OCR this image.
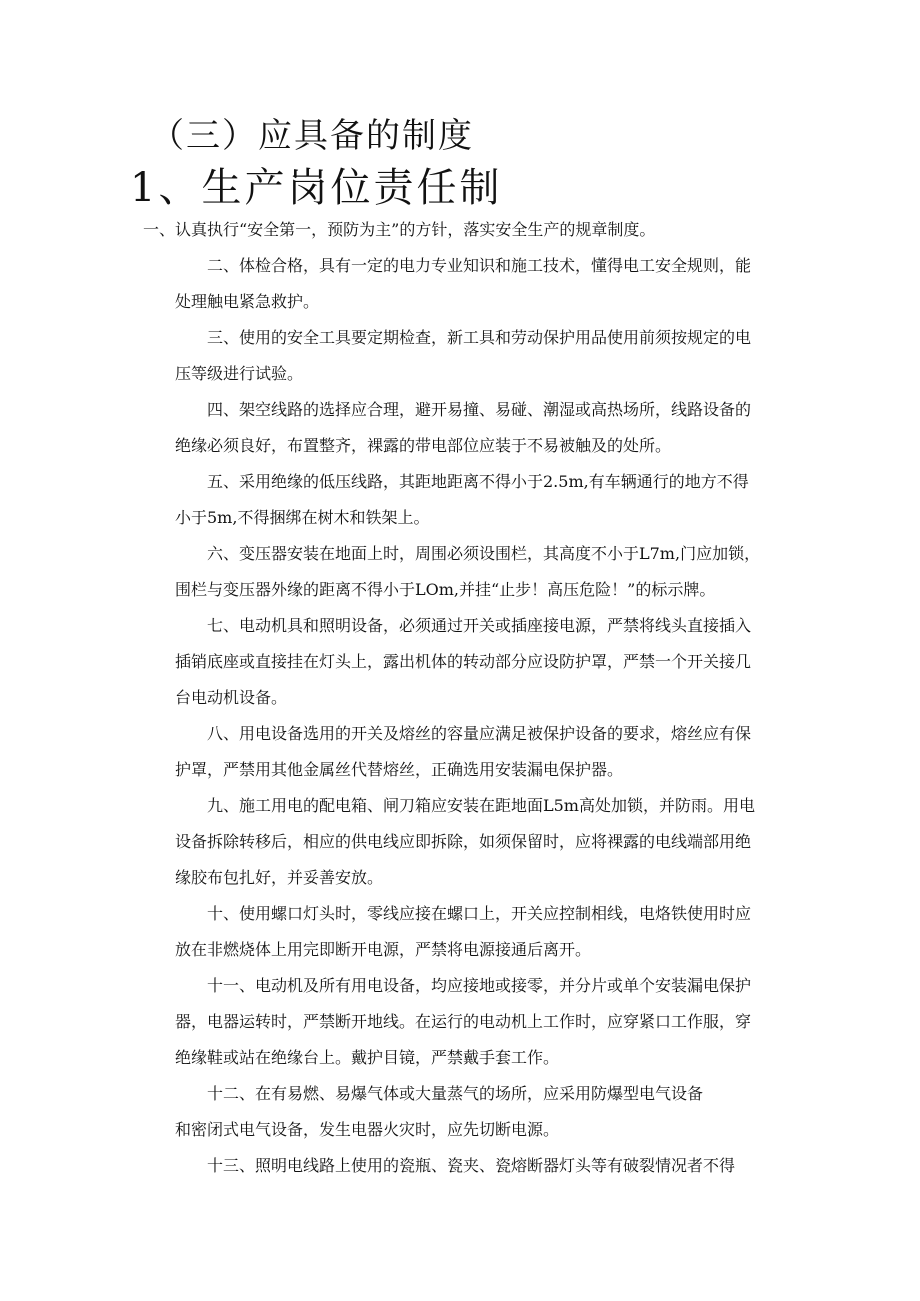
（三）应具备的制度
1、生产岗位责任制
一、认真执行“安全第一，预防为主”的方针，落实安全生产的规章制度。
二、体检合格，具有一定的电力专业知识和施工技术，懂得电工安全规则，能
处理触电紧急救护。
三、使用的安全工具要定期检查，新工具和劳动保护用品使用前须按规定的电
压等级进行试验。
四、架空线路的选择应合理，避开易撞、易碰、潮湿或高热场所，线路设备的
绝缘必须良好，布置整齐，裸露的带电部位应装于不易被触及的处所。
五、采用绝缘的低压线路，其距地距离不得小于2.5m,有车辆通行的地方不得
小于5m,不得捆绑在树木和铁架上。
六、变压器安装在地面上时，周围必须设围栏，其高度不小于L7m,门应加锁，
围栏与变压器外缘的距离不得小于LOm,并挂“止步！高压危险！”的标示牌。
七、电动机具和照明设备，必须通过开关或插座接电源，严禁将线头直接插入
插销底座或直接挂在灯头上，露出机体的转动部分应设防护罩，严禁一个开关接几
台电动机设备。
八、用电设备选用的开关及熔丝的容量应满足被保护设备的要求，熔丝应有保
护罩，严禁用其他金属丝代替熔丝，正确选用安装漏电保护器。
九、施工用电的配电箱、闸刀箱应安装在距地面L5m高处加锁，并防雨。用电
设备拆除转移后，相应的供电线应即拆除，如须保留时，应将裸露的电线端部用绝
缘胶布包扎好，并妥善安放。
十、使用螺口灯头时，零线应接在螺口上，开关应控制相线，电烙铁使用时应
放在非燃烧体上用完即断开电源，严禁将电源接通后离开。
十一、电动机及所有用电设备，均应接地或接零，并分片或单个安装漏电保护
器，电器运转时，严禁断开地线。在运行的电动机上工作时，应穿紧口工作服，穿
绝缘鞋或站在绝缘台上。戴护目镜，严禁戴手套工作。
十二、在有易燃、易爆气体或大量蒸气的场所，应采用防爆型电气设备
和密闭式电气设备，发生电器火灾时，应先切断电源。
十三、照明电线路上使用的瓷瓶、瓷夹、瓷熔断器灯头等有破裂情况者不得
